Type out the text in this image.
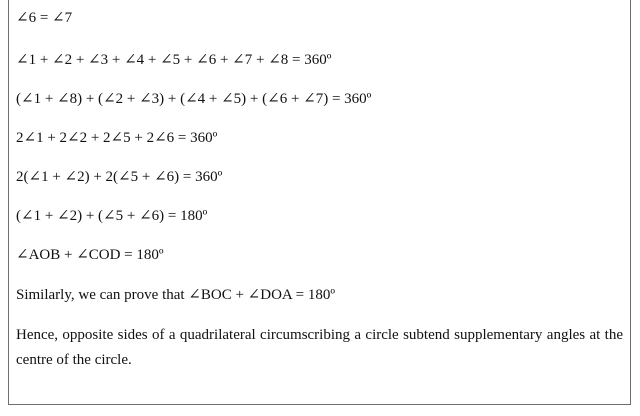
∠6 = ∠7
∠1 + ∠2 + ∠3 + ∠4 + ∠5 + ∠6 + ∠7 + ∠8 = 360º
(∠1 + ∠8) + (∠2 + ∠3) + (∠4 + ∠5) + (∠6 + ∠7) = 360º
2∠1 + 2∠2 + 2∠5 + 2∠6 = 360º
2(∠1 + ∠2) + 2(∠5 + ∠6) = 360º
(∠1 + ∠2) + (∠5 + ∠6) = 180º
∠AOB + ∠COD = 180º
Similarly, we can prove that ∠BOC + ∠DOA = 180º
Hence, opposite sides of a quadrilateral circumscribing a circle subtend supplementary angles at the centre of the circle.
